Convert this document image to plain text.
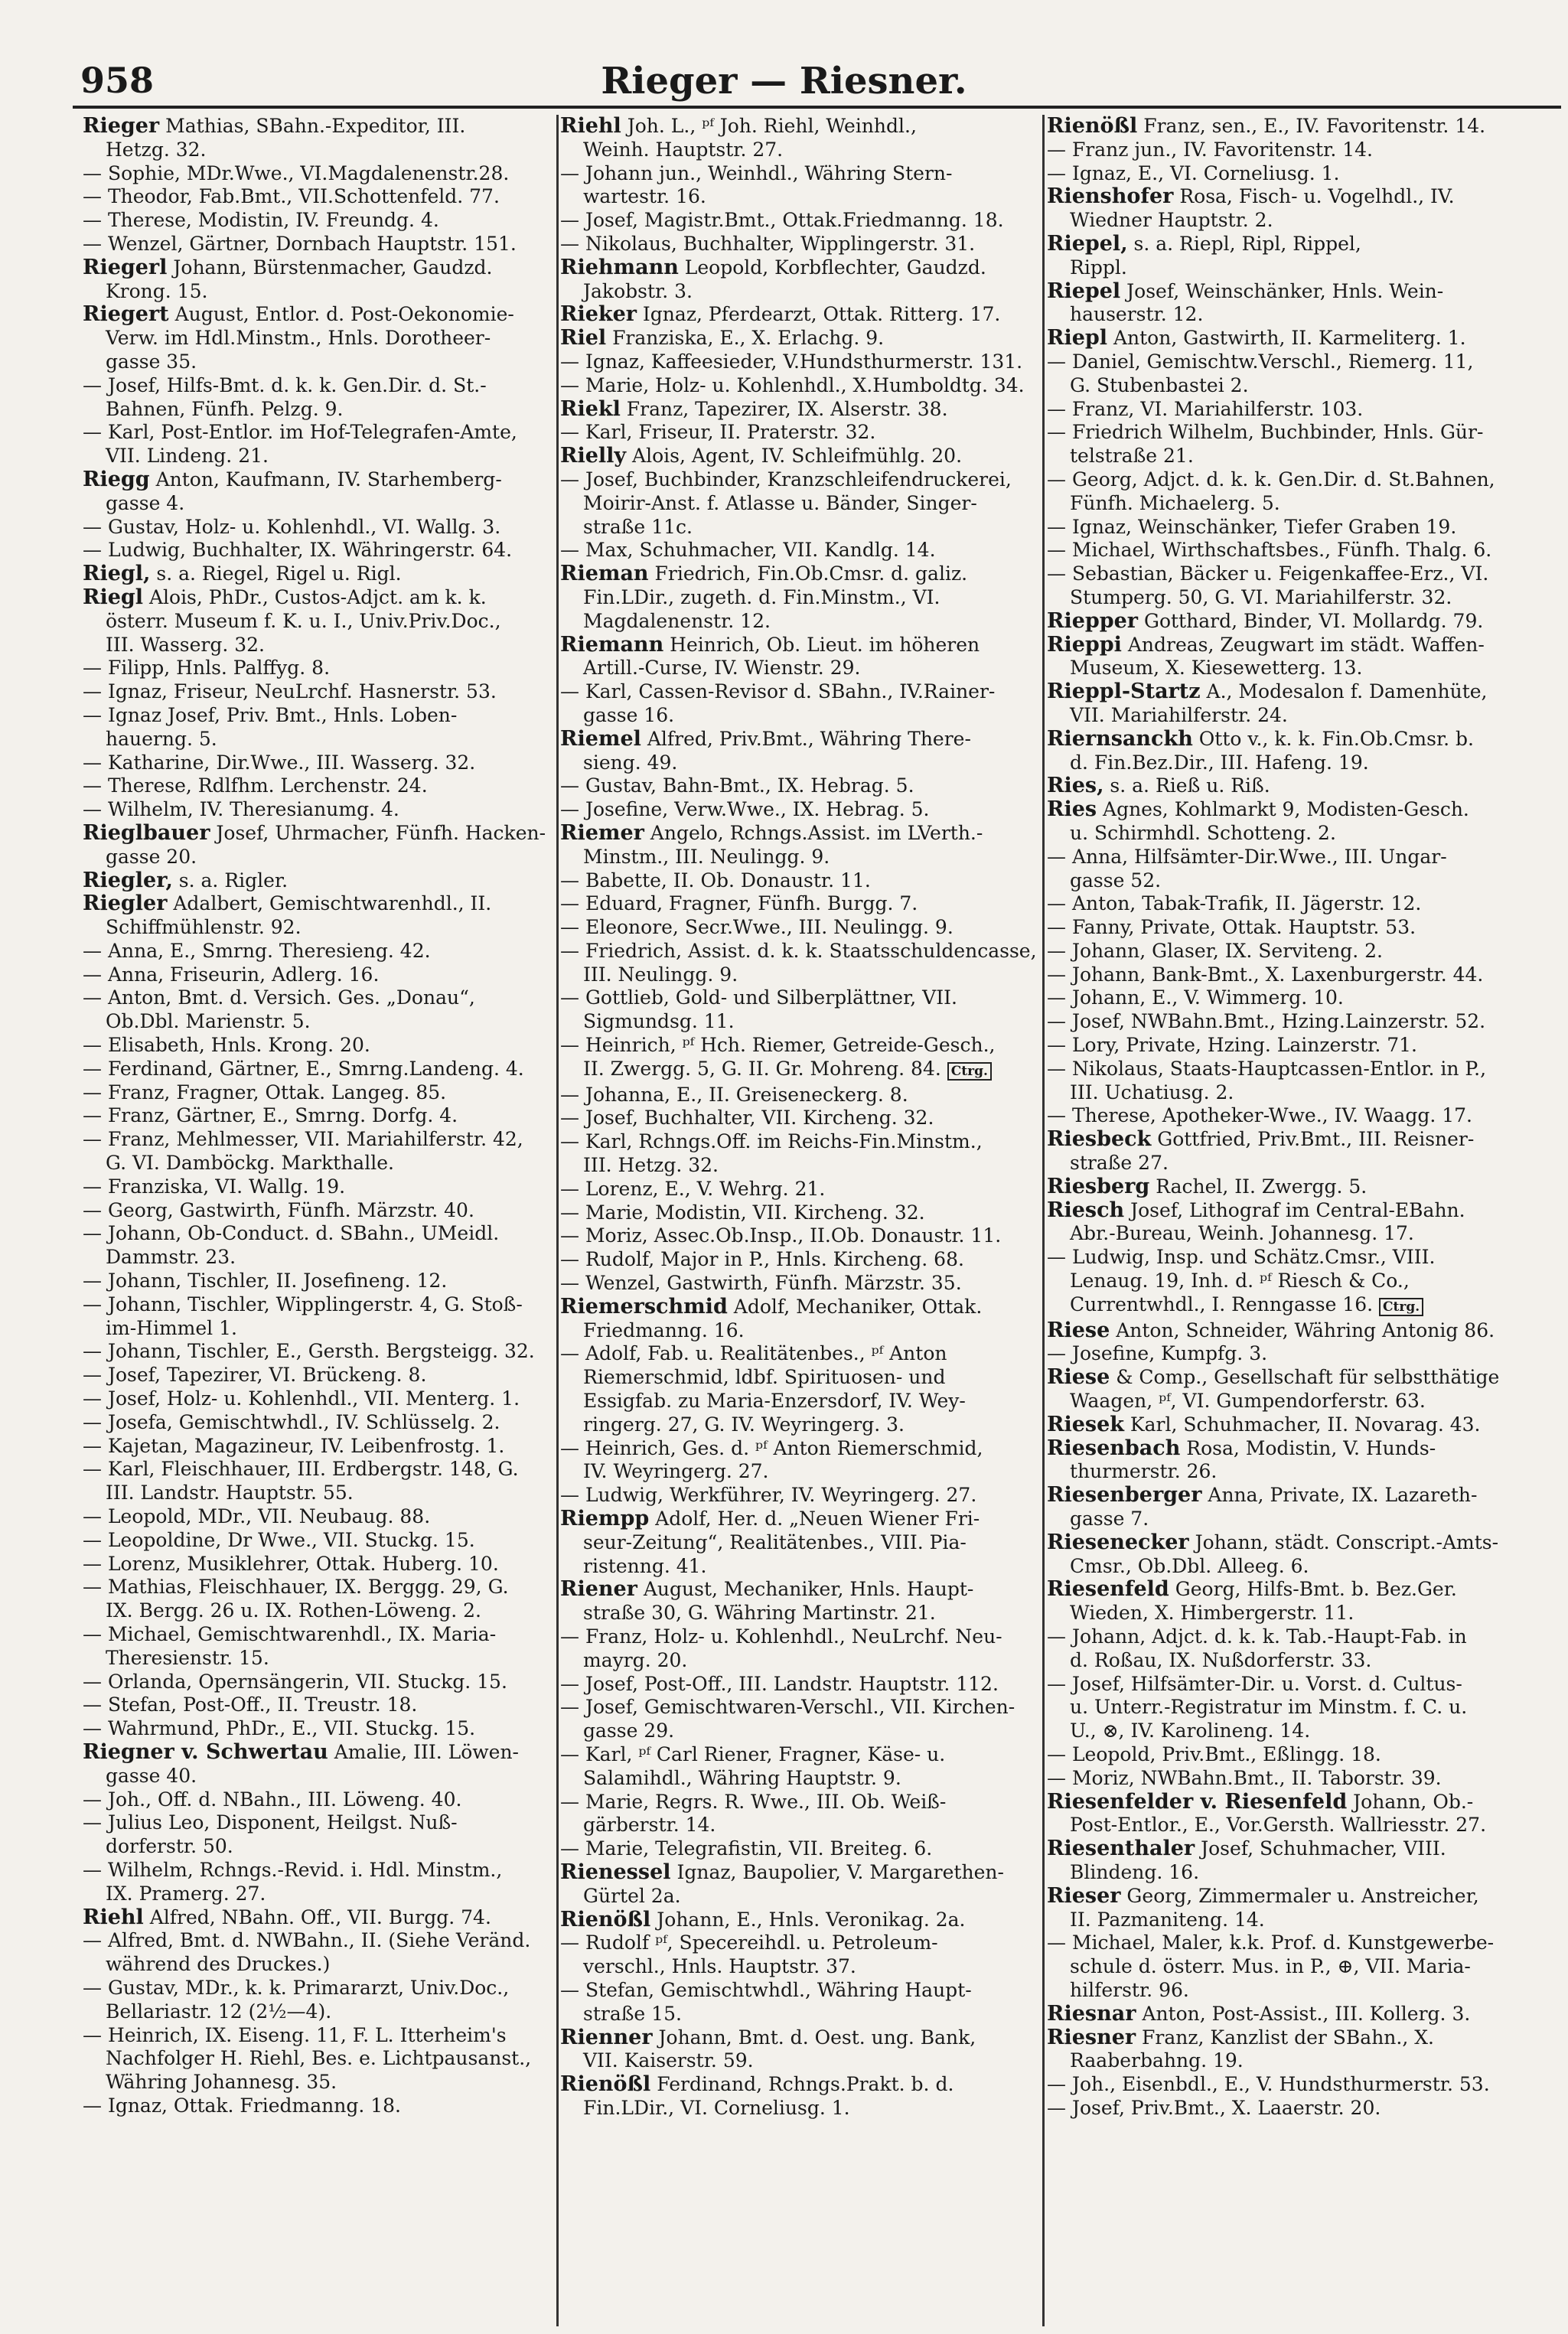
958	Rieger — Riesner.
Rieger Mathias, SBahn.-Expeditor, III.
Hetzg. 32.
— Sophie, MDr.Wwe., VI.Magdalenenstr.28.
— Theodor, Fab.Bmt., VII.Schottenfeld. 77.
— Therese, Modistin, IV. Freundg. 4.
— Wenzel, Gärtner, Dornbach Hauptstr. 151.
Riegerl Johann, Bürstenmacher, Gaudzd.
Krong. 15.
Riegert August, Entlor. d. Post-Oekonomie-
Verw. im Hdl.Minstm., Hnls. Dorotheer-
gasse 35.
— Josef, Hilfs-Bmt. d. k. k. Gen.Dir. d. St.-
Bahnen, Fünfh. Pelzg. 9.
— Karl, Post-Entlor. im Hof-Telegrafen-Amte,
VII. Lindeng. 21.
Riegg Anton, Kaufmann, IV. Starhemberg-
gasse 4.
— Gustav, Holz- u. Kohlenhdl., VI. Wallg. 3.
— Ludwig, Buchhalter, IX. Währingerstr. 64.
Riegl, s. a. Riegel, Rigel u. Rigl.
Riegl Alois, PhDr., Custos-Adjct. am k. k.
österr. Museum f. K. u. I., Univ.Priv.Doc.,
III. Wasserg. 32.
— Filipp, Hnls. Palffyg. 8.
— Ignaz, Friseur, NeuLrchf. Hasnerstr. 53.
— Ignaz Josef, Priv. Bmt., Hnls. Loben-
hauerng. 5.
— Katharine, Dir.Wwe., III. Wasserg. 32.
— Therese, Rdlfhm. Lerchenstr. 24.
— Wilhelm, IV. Theresianumg. 4.
Rieglbauer Josef, Uhrmacher, Fünfh. Hacken-
gasse 20.
Riegler, s. a. Rigler.
Riegler Adalbert, Gemischtwarenhdl., II.
Schiffmühlenstr. 92.
— Anna, E., Smrng. Theresieng. 42.
— Anna, Friseurin, Adlerg. 16.
— Anton, Bmt. d. Versich. Ges. „Donau“,
Ob.Dbl. Marienstr. 5.
— Elisabeth, Hnls. Krong. 20.
— Ferdinand, Gärtner, E., Smrng.Landeng. 4.
— Franz, Fragner, Ottak. Langeg. 85.
— Franz, Gärtner, E., Smrng. Dorfg. 4.
— Franz, Mehlmesser, VII. Mariahilferstr. 42,
G. VI. Damböckg. Markthalle.
— Franziska, VI. Wallg. 19.
— Georg, Gastwirth, Fünfh. Märzstr. 40.
— Johann, Ob-Conduct. d. SBahn., UMeidl.
Dammstr. 23.
— Johann, Tischler, II. Josefineng. 12.
— Johann, Tischler, Wipplingerstr. 4, G. Stoß-
im-Himmel 1.
— Johann, Tischler, E., Gersth. Bergsteigg. 32.
— Josef, Tapezirer, VI. Brückeng. 8.
— Josef, Holz- u. Kohlenhdl., VII. Menterg. 1.
— Josefa, Gemischtwhdl., IV. Schlüsselg. 2.
— Kajetan, Magazineur, IV. Leibenfrostg. 1.
— Karl, Fleischhauer, III. Erdbergstr. 148, G.
III. Landstr. Hauptstr. 55.
— Leopold, MDr., VII. Neubaug. 88.
— Leopoldine, Dr Wwe., VII. Stuckg. 15.
— Lorenz, Musiklehrer, Ottak. Huberg. 10.
— Mathias, Fleischhauer, IX. Berggg. 29, G.
IX. Bergg. 26 u. IX. Rothen-Löweng. 2.
— Michael, Gemischtwarenhdl., IX. Maria-
Theresienstr. 15.
— Orlanda, Opernsängerin, VII. Stuckg. 15.
— Stefan, Post-Off., II. Treustr. 18.
— Wahrmund, PhDr., E., VII. Stuckg. 15.
Riegner v. Schwertau Amalie, III. Löwen-
gasse 40.
— Joh., Off. d. NBahn., III. Löweng. 40.
— Julius Leo, Disponent, Heilgst. Nuß-
dorferstr. 50.
— Wilhelm, Rchngs.-Revid. i. Hdl. Minstm.,
IX. Pramerg. 27.
Riehl Alfred, NBahn. Off., VII. Burgg. 74.
— Alfred, Bmt. d. NWBahn., II. (Siehe Veränd.
während des Druckes.)
— Gustav, MDr., k. k. Primararzt, Univ.Doc.,
Bellariastr. 12 (2½—4).
— Heinrich, IX. Eiseng. 11, F. L. Itterheim's
Nachfolger H. Riehl, Bes. e. Lichtpausanst.,
Währing Johannesg. 35.
— Ignaz, Ottak. Friedmanng. 18.
Riehl Joh. L., ᵖᶠ Joh. Riehl, Weinhdl.,
Weinh. Hauptstr. 27.
— Johann jun., Weinhdl., Währing Stern-
wartestr. 16.
— Josef, Magistr.Bmt., Ottak.Friedmanng. 18.
— Nikolaus, Buchhalter, Wipplingerstr. 31.
Riehmann Leopold, Korbflechter, Gaudzd.
Jakobstr. 3.
Rieker Ignaz, Pferdearzt, Ottak. Ritterg. 17.
Riel Franziska, E., X. Erlachg. 9.
— Ignaz, Kaffeesieder, V.Hundsthurmerstr. 131.
— Marie, Holz- u. Kohlenhdl., X.Humboldtg. 34.
Riekl Franz, Tapezirer, IX. Alserstr. 38.
— Karl, Friseur, II. Praterstr. 32.
Rielly Alois, Agent, IV. Schleifmühlg. 20.
— Josef, Buchbinder, Kranzschleifendruckerei,
Moirir-Anst. f. Atlasse u. Bänder, Singer-
straße 11c.
— Max, Schuhmacher, VII. Kandlg. 14.
Rieman Friedrich, Fin.Ob.Cmsr. d. galiz.
Fin.LDir., zugeth. d. Fin.Minstm., VI.
Magdalenenstr. 12.
Riemann Heinrich, Ob. Lieut. im höheren
Artill.-Curse, IV. Wienstr. 29.
— Karl, Cassen-Revisor d. SBahn., IV.Rainer-
gasse 16.
Riemel Alfred, Priv.Bmt., Währing There-
sieng. 49.
— Gustav, Bahn-Bmt., IX. Hebrag. 5.
— Josefine, Verw.Wwe., IX. Hebrag. 5.
Riemer Angelo, Rchngs.Assist. im LVerth.-
Minstm., III. Neulingg. 9.
— Babette, II. Ob. Donaustr. 11.
— Eduard, Fragner, Fünfh. Burgg. 7.
— Eleonore, Secr.Wwe., III. Neulingg. 9.
— Friedrich, Assist. d. k. k. Staatsschuldencasse,
III. Neulingg. 9.
— Gottlieb, Gold- und Silberplättner, VII.
Sigmundsg. 11.
— Heinrich, ᵖᶠ Hch. Riemer, Getreide-Gesch.,
II. Zwergg. 5, G. II. Gr. Mohreng. 84. Ctrg.
— Johanna, E., II. Greiseneckerg. 8.
— Josef, Buchhalter, VII. Kircheng. 32.
— Karl, Rchngs.Off. im Reichs-Fin.Minstm.,
III. Hetzg. 32.
— Lorenz, E., V. Wehrg. 21.
— Marie, Modistin, VII. Kircheng. 32.
— Moriz, Assec.Ob.Insp., II.Ob. Donaustr. 11.
— Rudolf, Major in P., Hnls. Kircheng. 68.
— Wenzel, Gastwirth, Fünfh. Märzstr. 35.
Riemerschmid Adolf, Mechaniker, Ottak.
Friedmanng. 16.
— Adolf, Fab. u. Realitätenbes., ᵖᶠ Anton
Riemerschmid, ldbf. Spirituosen- und
Essigfab. zu Maria-Enzersdorf, IV. Wey-
ringerg. 27, G. IV. Weyringerg. 3.
— Heinrich, Ges. d. ᵖᶠ Anton Riemerschmid,
IV. Weyringerg. 27.
— Ludwig, Werkführer, IV. Weyringerg. 27.
Riempp Adolf, Her. d. „Neuen Wiener Fri-
seur-Zeitung“, Realitätenbes., VIII. Pia-
ristenng. 41.
Riener August, Mechaniker, Hnls. Haupt-
straße 30, G. Währing Martinstr. 21.
— Franz, Holz- u. Kohlenhdl., NeuLrchf. Neu-
mayrg. 20.
— Josef, Post-Off., III. Landstr. Hauptstr. 112.
— Josef, Gemischtwaren-Verschl., VII. Kirchen-
gasse 29.
— Karl, ᵖᶠ Carl Riener, Fragner, Käse- u.
Salamihdl., Währing Hauptstr. 9.
— Marie, Regrs. R. Wwe., III. Ob. Weiß-
gärberstr. 14.
— Marie, Telegrafistin, VII. Breiteg. 6.
Rienessel Ignaz, Baupolier, V. Margarethen-
Gürtel 2a.
Rienößl Johann, E., Hnls. Veronikag. 2a.
— Rudolf ᵖᶠ, Specereihdl. u. Petroleum-
verschl., Hnls. Hauptstr. 37.
— Stefan, Gemischtwhdl., Währing Haupt-
straße 15.
Rienner Johann, Bmt. d. Oest. ung. Bank,
VII. Kaiserstr. 59.
Rienößl Ferdinand, Rchngs.Prakt. b. d.
Fin.LDir., VI. Corneliusg. 1.
Rienößl Franz, sen., E., IV. Favoritenstr. 14.
— Franz jun., IV. Favoritenstr. 14.
— Ignaz, E., VI. Corneliusg. 1.
Rienshofer Rosa, Fisch- u. Vogelhdl., IV.
Wiedner Hauptstr. 2.
Riepel, s. a. Riepl, Ripl, Rippel,
Rippl.
Riepel Josef, Weinschänker, Hnls. Wein-
hauserstr. 12.
Riepl Anton, Gastwirth, II. Karmeliterg. 1.
— Daniel, Gemischtw.Verschl., Riemerg. 11,
G. Stubenbastei 2.
— Franz, VI. Mariahilferstr. 103.
— Friedrich Wilhelm, Buchbinder, Hnls. Gür-
telstraße 21.
— Georg, Adjct. d. k. k. Gen.Dir. d. St.Bahnen,
Fünfh. Michaelerg. 5.
— Ignaz, Weinschänker, Tiefer Graben 19.
— Michael, Wirthschaftsbes., Fünfh. Thalg. 6.
— Sebastian, Bäcker u. Feigenkaffee-Erz., VI.
Stumperg. 50, G. VI. Mariahilferstr. 32.
Riepper Gotthard, Binder, VI. Mollardg. 79.
Rieppi Andreas, Zeugwart im städt. Waffen-
Museum, X. Kiesewetterg. 13.
Rieppl-Startz A., Modesalon f. Damenhüte,
VII. Mariahilferstr. 24.
Riernsanckh Otto v., k. k. Fin.Ob.Cmsr. b.
d. Fin.Bez.Dir., III. Hafeng. 19.
Ries, s. a. Rieß u. Riß.
Ries Agnes, Kohlmarkt 9, Modisten-Gesch.
u. Schirmhdl. Schotteng. 2.
— Anna, Hilfsämter-Dir.Wwe., III. Ungar-
gasse 52.
— Anton, Tabak-Trafik, II. Jägerstr. 12.
— Fanny, Private, Ottak. Hauptstr. 53.
— Johann, Glaser, IX. Serviteng. 2.
— Johann, Bank-Bmt., X. Laxenburgerstr. 44.
— Johann, E., V. Wimmerg. 10.
— Josef, NWBahn.Bmt., Hzing.Lainzerstr. 52.
— Lory, Private, Hzing. Lainzerstr. 71.
— Nikolaus, Staats-Hauptcassen-Entlor. in P.,
III. Uchatiusg. 2.
— Therese, Apotheker-Wwe., IV. Waagg. 17.
Riesbeck Gottfried, Priv.Bmt., III. Reisner-
straße 27.
Riesberg Rachel, II. Zwergg. 5.
Riesch Josef, Lithograf im Central-EBahn.
Abr.-Bureau, Weinh. Johannesg. 17.
— Ludwig, Insp. und Schätz.Cmsr., VIII.
Lenaug. 19, Inh. d. ᵖᶠ Riesch & Co.,
Currentwhdl., I. Renngasse 16. Ctrg.
Riese Anton, Schneider, Währing Antonig 86.
— Josefine, Kumpfg. 3.
Riese & Comp., Gesellschaft für selbstthätige
Waagen, ᵖᶠ, VI. Gumpendorferstr. 63.
Riesek Karl, Schuhmacher, II. Novarag. 43.
Riesenbach Rosa, Modistin, V. Hunds-
thurmerstr. 26.
Riesenberger Anna, Private, IX. Lazareth-
gasse 7.
Riesenecker Johann, städt. Conscript.-Amts-
Cmsr., Ob.Dbl. Alleeg. 6.
Riesenfeld Georg, Hilfs-Bmt. b. Bez.Ger.
Wieden, X. Himbergerstr. 11.
— Johann, Adjct. d. k. k. Tab.-Haupt-Fab. in
d. Roßau, IX. Nußdorferstr. 33.
— Josef, Hilfsämter-Dir. u. Vorst. d. Cultus-
u. Unterr.-Registratur im Minstm. f. C. u.
U., ⊗, IV. Karolineng. 14.
— Leopold, Priv.Bmt., Eßlingg. 18.
— Moriz, NWBahn.Bmt., II. Taborstr. 39.
Riesenfelder v. Riesenfeld Johann, Ob.-
Post-Entlor., E., Vor.Gersth. Wallriesstr. 27.
Riesenthaler Josef, Schuhmacher, VIII.
Blindeng. 16.
Rieser Georg, Zimmermaler u. Anstreicher,
II. Pazmaniteng. 14.
— Michael, Maler, k.k. Prof. d. Kunstgewerbe-
schule d. österr. Mus. in P., ⊕, VII. Maria-
hilferstr. 96.
Riesnar Anton, Post-Assist., III. Kollerg. 3.
Riesner Franz, Kanzlist der SBahn., X.
Raaberbahng. 19.
— Joh., Eisenbdl., E., V. Hundsthurmerstr. 53.
— Josef, Priv.Bmt., X. Laaerstr. 20.
